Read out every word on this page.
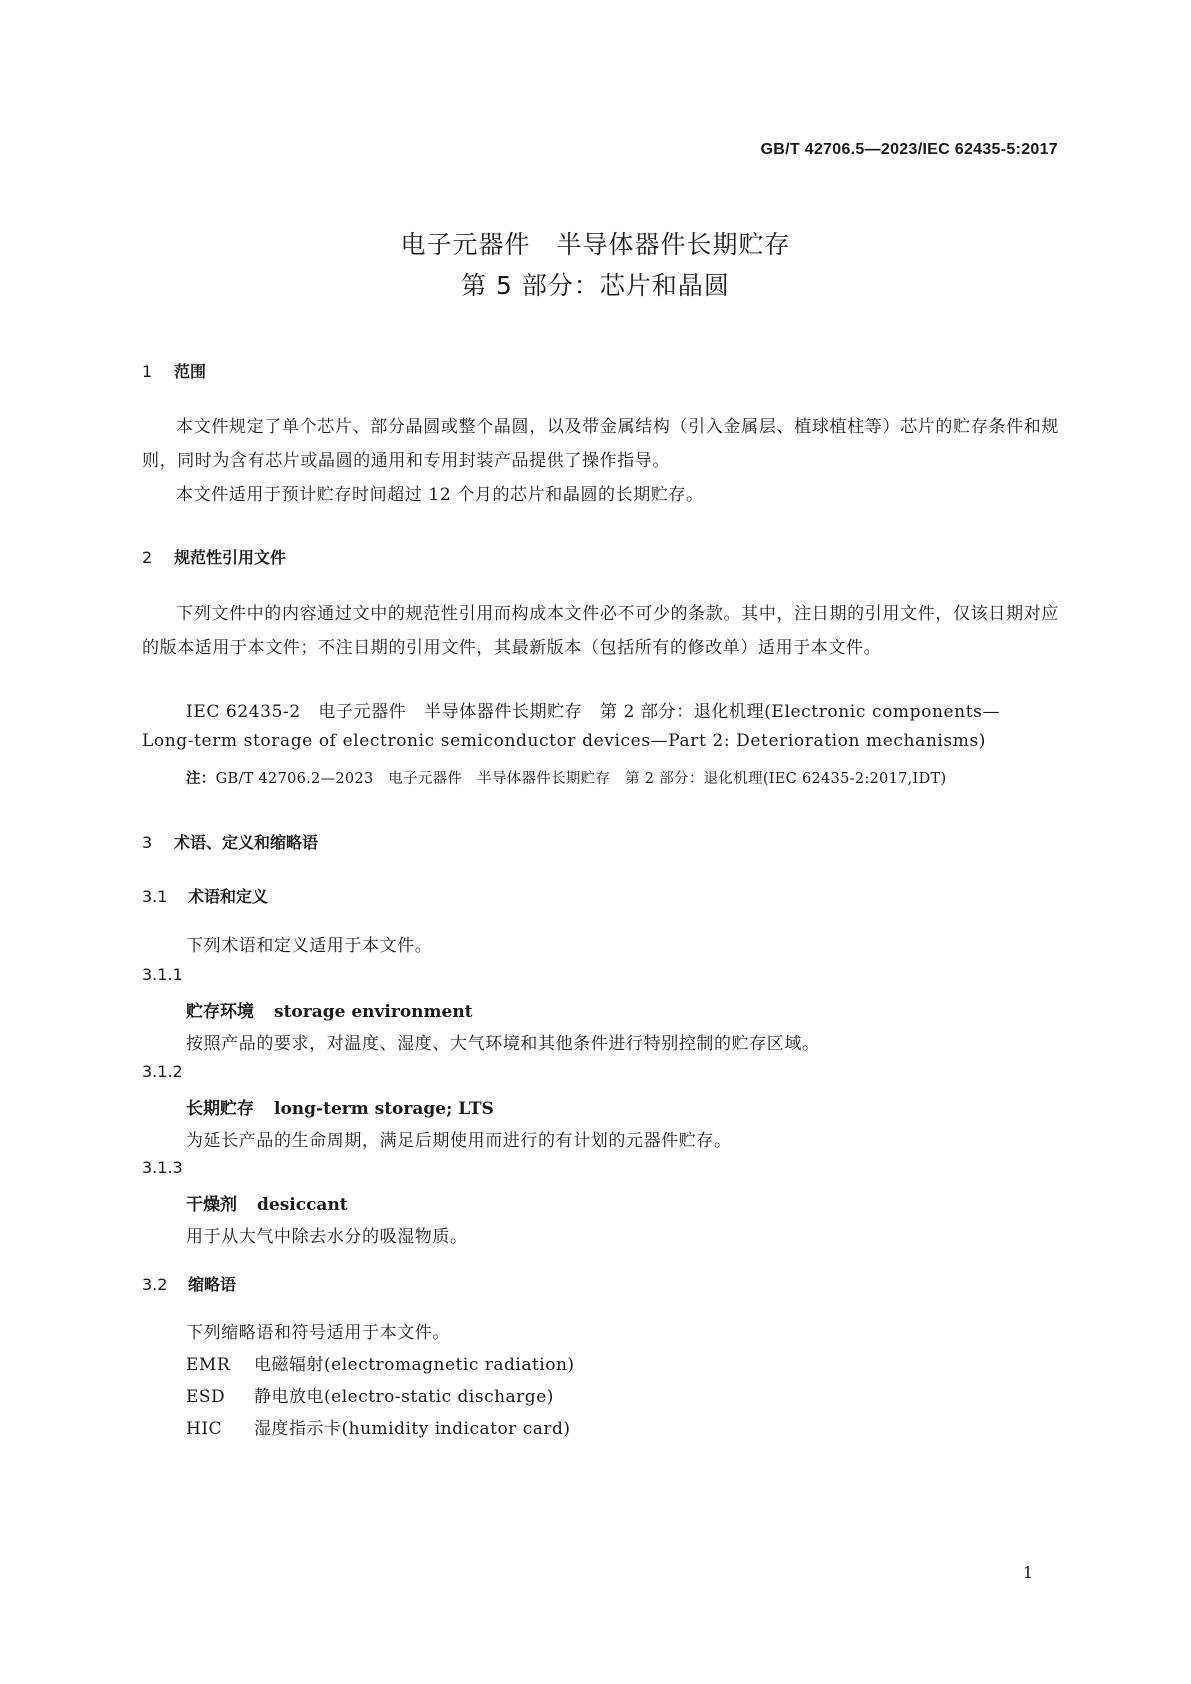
GB/T 42706.5—2023/IEC 62435-5:2017
电子元器件　半导体器件长期贮存
第 5 部分：芯片和晶圆
1 范围
本文件规定了单个芯片、部分晶圆或整个晶圆，以及带金属结构（引入金属层、植球植柱等）芯片的贮存条件和规则，同时为含有芯片或晶圆的通用和专用封装产品提供了操作指导。
本文件适用于预计贮存时间超过 12 个月的芯片和晶圆的长期贮存。
2 规范性引用文件
下列文件中的内容通过文中的规范性引用而构成本文件必不可少的条款。其中，注日期的引用文件，仅该日期对应的版本适用于本文件；不注日期的引用文件，其最新版本（包括所有的修改单）适用于本文件。
IEC 62435-2　电子元器件　半导体器件长期贮存　第 2 部分：退化机理(Electronic components—
Long-term storage of electronic semiconductor devices—Part 2: Deterioration mechanisms)
注：GB/T 42706.2—2023　电子元器件　半导体器件长期贮存　第 2 部分：退化机理(IEC 62435-2:2017,IDT)
3 术语、定义和缩略语
3.1 术语和定义
下列术语和定义适用于本文件。
3.1.1
贮存环境 storage environment
按照产品的要求，对温度、湿度、大气环境和其他条件进行特别控制的贮存区域。
3.1.2
长期贮存 long-term storage; LTS
为延长产品的生命周期，满足后期使用而进行的有计划的元器件贮存。
3.1.3
干燥剂 desiccant
用于从大气中除去水分的吸湿物质。
3.2 缩略语
下列缩略语和符号适用于本文件。
EMR 电磁辐射(electromagnetic radiation)
ESD 静电放电(electro-static discharge)
HIC 湿度指示卡(humidity indicator card)
1
